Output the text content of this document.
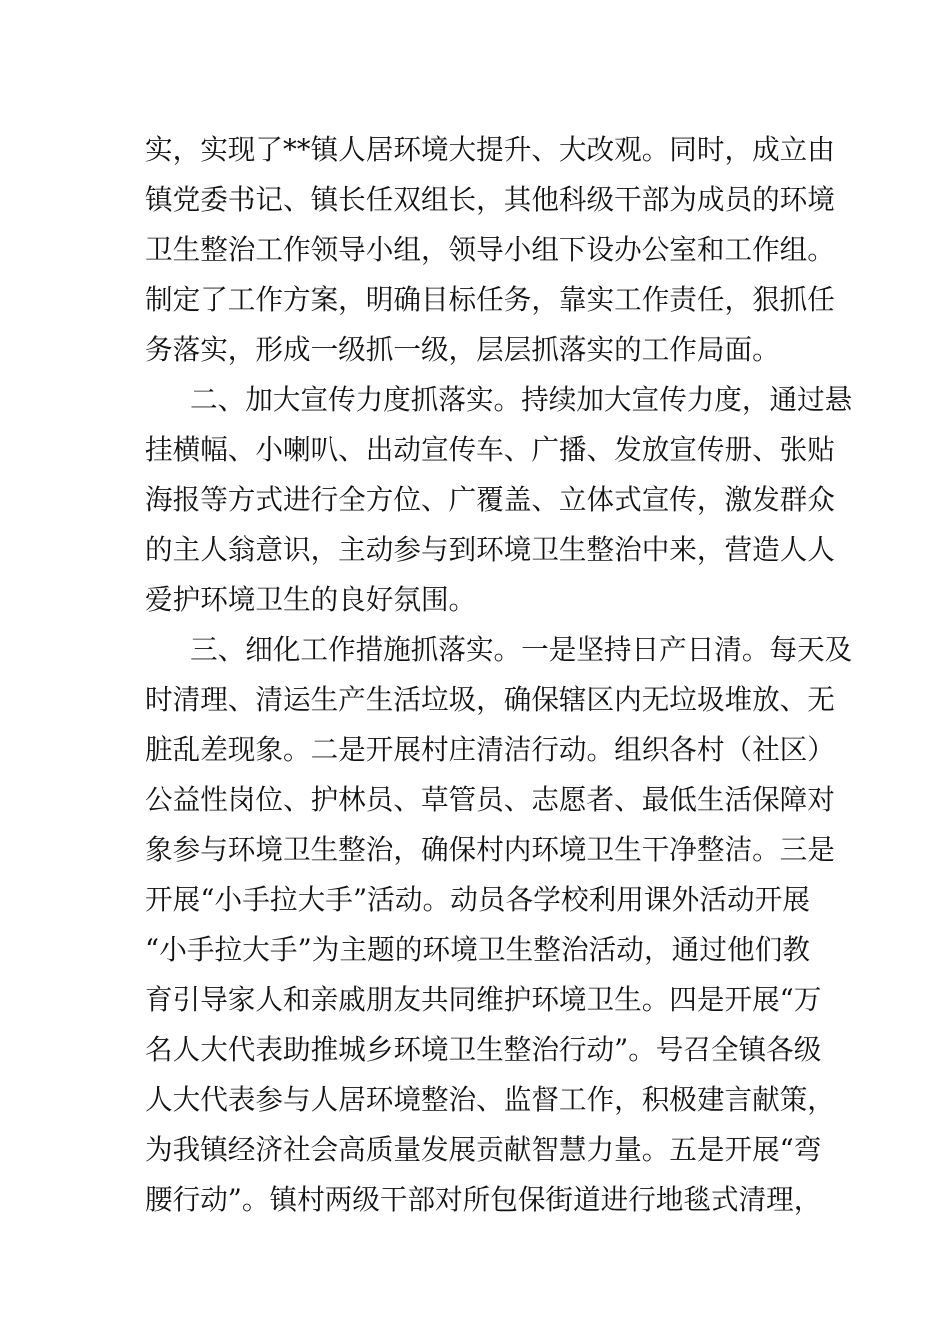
实，实现了**镇人居环境大提升、大改观。同时，成立由
镇党委书记、镇长任双组长，其他科级干部为成员的环境
卫生整治工作领导小组，领导小组下设办公室和工作组。
制定了工作方案，明确目标任务，靠实工作责任，狠抓任
务落实，形成一级抓一级，层层抓落实的工作局面。
二、加大宣传力度抓落实。持续加大宣传力度，通过悬
挂横幅、小喇叭、出动宣传车、广播、发放宣传册、张贴
海报等方式进行全方位、广覆盖、立体式宣传，激发群众
的主人翁意识，主动参与到环境卫生整治中来，营造人人
爱护环境卫生的良好氛围。
三、细化工作措施抓落实。一是坚持日产日清。每天及
时清理、清运生产生活垃圾，确保辖区内无垃圾堆放、无
脏乱差现象。二是开展村庄清洁行动。组织各村（社区）
公益性岗位、护林员、草管员、志愿者、最低生活保障对
象参与环境卫生整治，确保村内环境卫生干净整洁。三是
开展“小手拉大手”活动。动员各学校利用课外活动开展
“小手拉大手”为主题的环境卫生整治活动，通过他们教
育引导家人和亲戚朋友共同维护环境卫生。四是开展“万
名人大代表助推城乡环境卫生整治行动”。号召全镇各级
人大代表参与人居环境整治、监督工作，积极建言献策，
为我镇经济社会高质量发展贡献智慧力量。五是开展“弯
腰行动”。镇村两级干部对所包保街道进行地毯式清理，
